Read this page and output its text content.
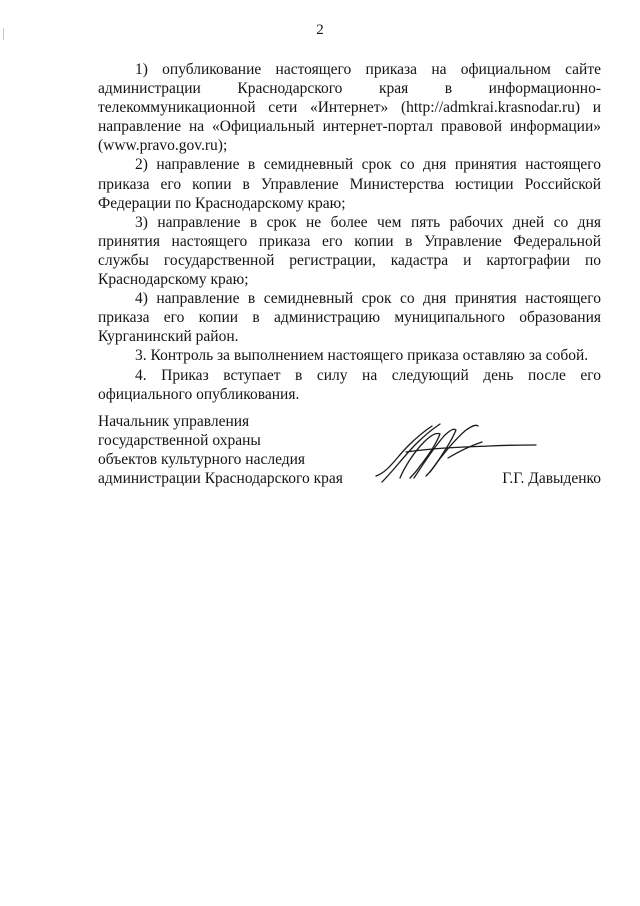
2

1) опубликование настоящего приказа на официальном сайте администрации Краснодарского края в информационно-телекоммуникационной сети «Интернет» (http://admkrai.krasnodar.ru) и направление на «Официальный интернет-портал правовой информации» (www.pravo.gov.ru);

2) направление в семидневный срок со дня принятия настоящего приказа его копии в Управление Министерства юстиции Российской Федерации по Краснодарскому краю;

3) направление в срок не более чем пять рабочих дней со дня принятия настоящего приказа его копии в Управление Федеральной службы государственной регистрации, кадастра и картографии по Краснодарскому краю;

4) направление в семидневный срок со дня принятия настоящего приказа его копии в администрацию муниципального образования Курганинский район.

3. Контроль за выполнением настоящего приказа оставляю за собой.

4. Приказ вступает в силу на следующий день после его официального опубликования.

Начальник управления
государственной охраны
объектов культурного наследия
администрации Краснодарского края	Г.Г. Давыденко
